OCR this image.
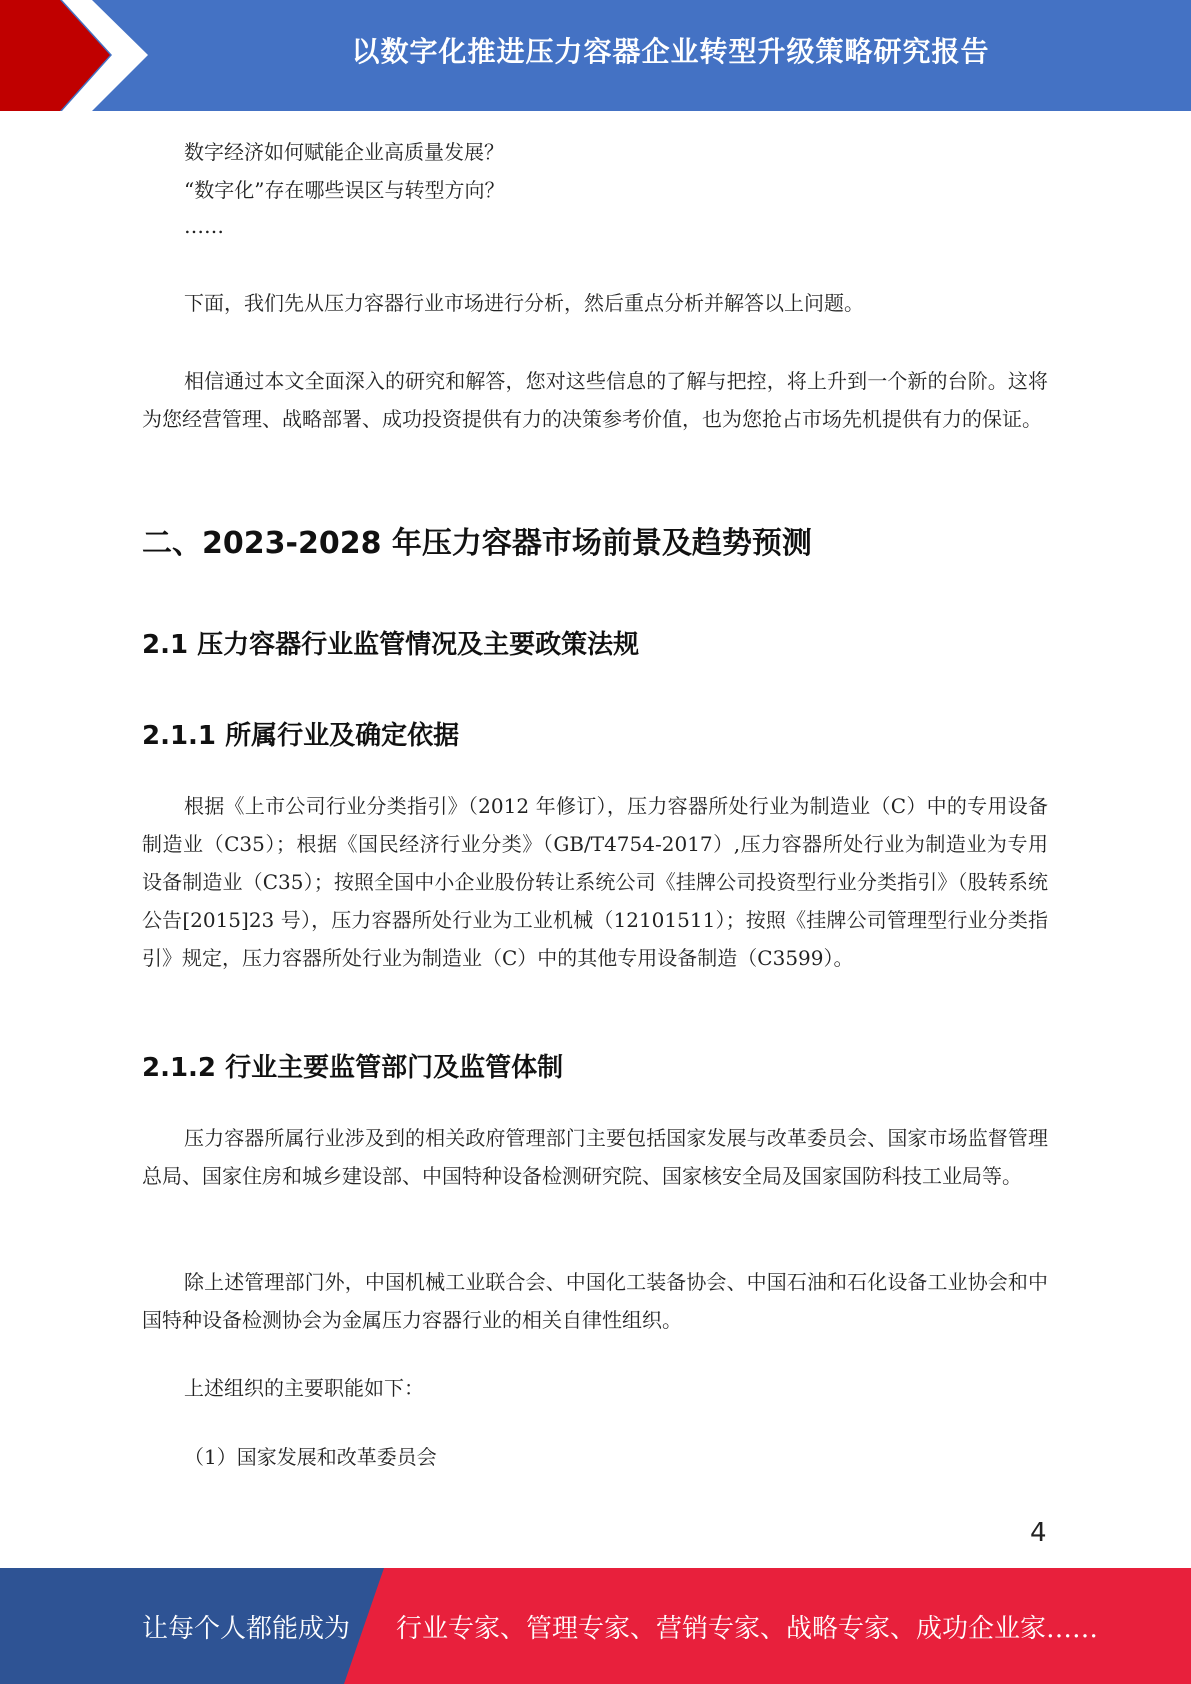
以数字化推进压力容器企业转型升级策略研究报告

数字经济如何赋能企业高质量发展？

“数字化”存在哪些误区与转型方向？

……

下面，我们先从压力容器行业市场进行分析，然后重点分析并解答以上问题。

相信通过本文全面深入的研究和解答，您对这些信息的了解与把控，将上升到一个新的台阶。这将为您经营管理、战略部署、成功投资提供有力的决策参考价值，也为您抢占市场先机提供有力的保证。

二、2023-2028 年压力容器市场前景及趋势预测
2.1 压力容器行业监管情况及主要政策法规
2.1.1 所属行业及确定依据

根据《上市公司行业分类指引》（2012 年修订），压力容器所处行业为制造业（C）中的专用设备制造业（C35）；根据《国民经济行业分类》（GB/T4754-2017）,压力容器所处行业为制造业为专用设备制造业（C35）；按照全国中小企业股份转让系统公司《挂牌公司投资型行业分类指引》（股转系统公告[2015]23 号），压力容器所处行业为工业机械（12101511）；按照《挂牌公司管理型行业分类指引》规定，压力容器所处行业为制造业（C）中的其他专用设备制造（C3599）。

2.1.2 行业主要监管部门及监管体制

压力容器所属行业涉及到的相关政府管理部门主要包括国家发展与改革委员会、国家市场监督管理总局、国家住房和城乡建设部、中国特种设备检测研究院、国家核安全局及国家国防科技工业局等。

除上述管理部门外，中国机械工业联合会、中国化工装备协会、中国石油和石化设备工业协会和中国特种设备检测协会为金属压力容器行业的相关自律性组织。

上述组织的主要职能如下：

（1）国家发展和改革委员会

4
让每个人都能成为 行业专家、管理专家、营销专家、战略专家、成功企业家……
